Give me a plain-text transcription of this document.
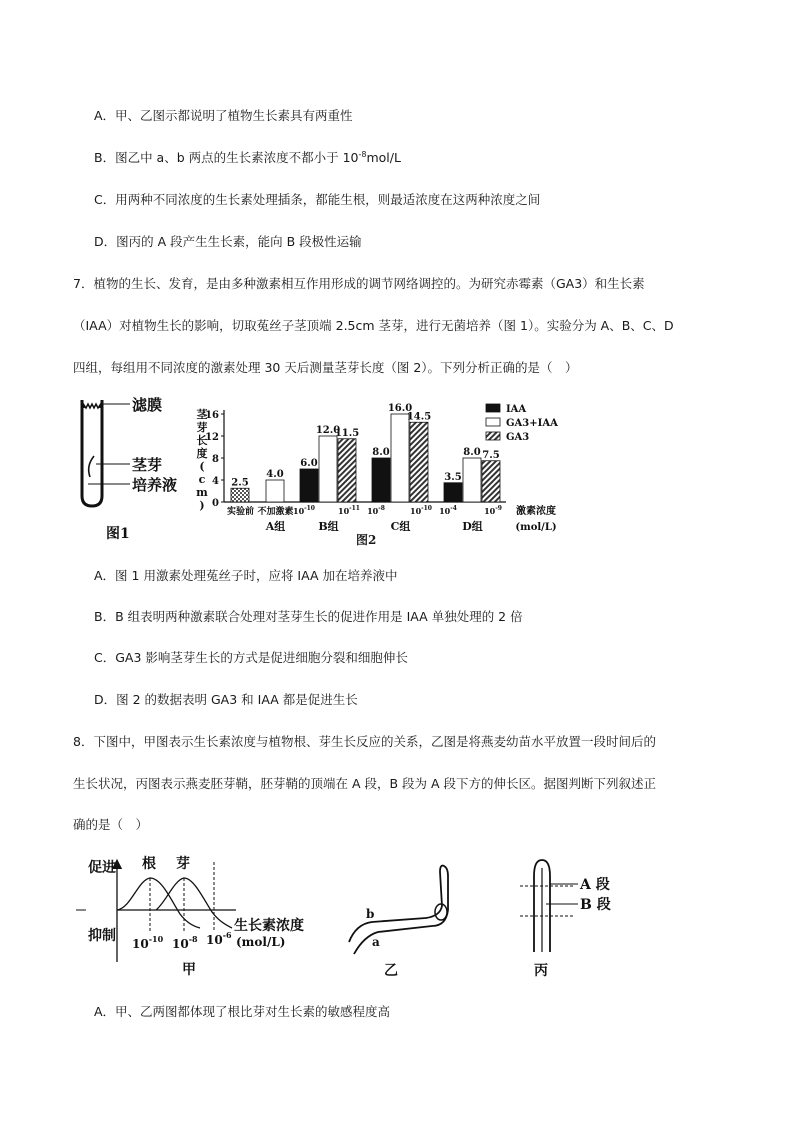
A．甲、乙图示都说明了植物生长素具有两重性
B．图乙中 a、b 两点的生长素浓度不都小于 $10^{-8}mol/L$
C．用两种不同浓度的生长素处理插条，都能生根，则最适浓度在这两种浓度之间
D．图丙的 A 段产生生长素，能向 B 段极性运输
7．植物的生长、发育，是由多种激素相互作用形成的调节网络调控的。为研究赤霉素（GA3）和生长素
（IAA）对植物生长的影响，切取菟丝子茎顶端 2.5cm 茎芽，进行无菌培养（图 1）。实验分为 A、B、C、D
四组，每组用不同浓度的激素处理 30 天后测量茎芽长度（图 2）。下列分析正确的是（　）
滤膜
茎芽
培养液
图1
茎
芽
长
度
(
c
m
) 0
4
8
12
16
2.5
4.0
6.0
12.0
11.5
8.0
16.0
14.5
3.5
8.0 7.5
实验前 不加激素
A组
$10^{-10}$	$10^{-11}$
B组
$10^{-8}$	$10^{-10}$
C组
$10^{-4}$	$10^{-9}$
D组
激素浓度
(mol/L)
IAA
GA3+IAA
GA3
图2
A．图 1 用激素处理菟丝子时，应将 IAA 加在培养液中
B．B 组表明两种激素联合处理对茎芽生长的促进作用是 IAA 单独处理的 2 倍
C．GA3 影响茎芽生长的方式是促进细胞分裂和细胞伸长
D．图 2 的数据表明 GA3 和 IAA 都是促进生长
8．下图中，甲图表示生长素浓度与植物根、芽生长反应的关系，乙图是将燕麦幼苗水平放置一段时间后的
生长状况，丙图表示燕麦胚芽鞘，胚芽鞘的顶端在 A 段，B 段为 A 段下方的伸长区。据图判断下列叙述正
确的是（　）
促进
抑制
根 芽
生长素浓度
(mol/L)
$10^{-10}$ $10^{-8}$ $10^{-6}$
甲
b
a
乙
A 段
B 段
丙
A．甲、乙两图都体现了根比芽对生长素的敏感程度高
